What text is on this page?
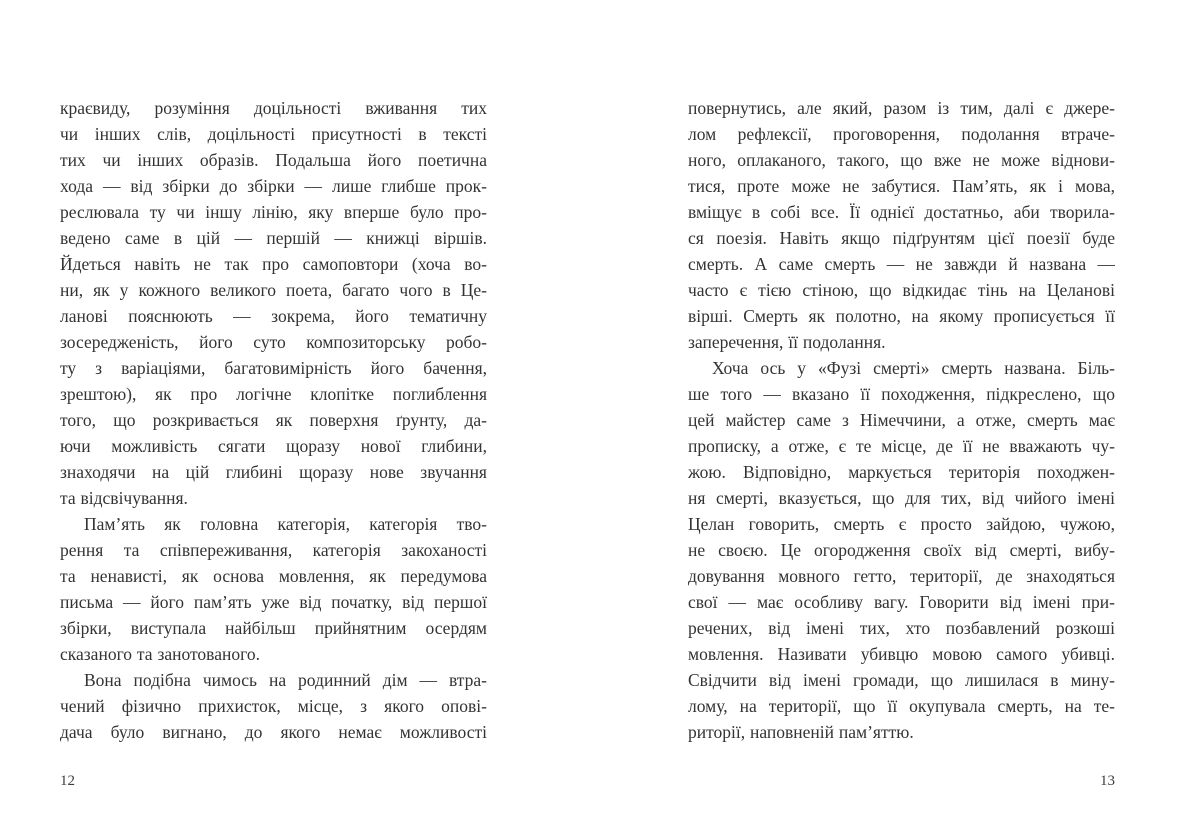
краєвиду, розуміння доцільності вживання тих
чи інших слів, доцільності присутності в тексті
тих чи інших образів. Подальша його поетична
хода — від збірки до збірки — лише глибше прок-
реслювала ту чи іншу лінію, яку вперше було про-
ведено саме в цій — першій — книжці віршів.
Йдеться навіть не так про самоповтори (хоча во-
ни, як у кожного великого поета, багато чого в Це-
ланові пояснюють — зокрема, його тематичну
зосередженість, його суто композиторську робо-
ту з варіаціями, багатовимірність його бачення,
зрештою), як про логічне клопітке поглиблення
того, що розкривається як поверхня ґрунту, да-
ючи можливість сягати щоразу нової глибини,
знаходячи на цій глибині щоразу нове звучання
та відсвічування.
Пам’ять як головна категорія, категорія тво-
рення та співпереживання, категорія закоханості
та ненависті, як основа мовлення, як передумова
письма — його пам’ять уже від початку, від першої
збірки, виступала найбільш прийнятним осердям
сказаного та занотованого.
Вона подібна чимось на родинний дім — втра-
чений фізично прихисток, місце, з якого опові-
дача було вигнано, до якого немає можливості
повернутись, але який, разом із тим, далі є джере-
лом рефлексії, проговорення, подолання втраче-
ного, оплаканого, такого, що вже не може віднови-
тися, проте може не забутися. Пам’ять, як і мова,
вміщує в собі все. Її однієї достатньо, аби творила-
ся поезія. Навіть якщо підґрунтям цієї поезії буде
смерть. А саме смерть — не завжди й названа —
часто є тією стіною, що відкидає тінь на Целанові
вірші. Смерть як полотно, на якому прописується її
заперечення, її подолання.
Хоча ось у «Фузі смерті» смерть названа. Біль-
ше того — вказано її походження, підкреслено, що
цей майстер саме з Німеччини, а отже, смерть має
прописку, а отже, є те місце, де її не вважають чу-
жою. Відповідно, маркується територія походжен-
ня смерті, вказується, що для тих, від чийого імені
Целан говорить, смерть є просто зайдою, чужою,
не своєю. Це огородження своїх від смерті, вибу-
довування мовного гетто, території, де знаходяться
свої — має особливу вагу. Говорити від імені при-
речених, від імені тих, хто позбавлений розкоші
мовлення. Називати убивцю мовою самого убивці.
Свідчити від імені громади, що лишилася в мину-
лому, на території, що її окупувала смерть, на те-
риторії, наповненій пам’яттю.
12	13
